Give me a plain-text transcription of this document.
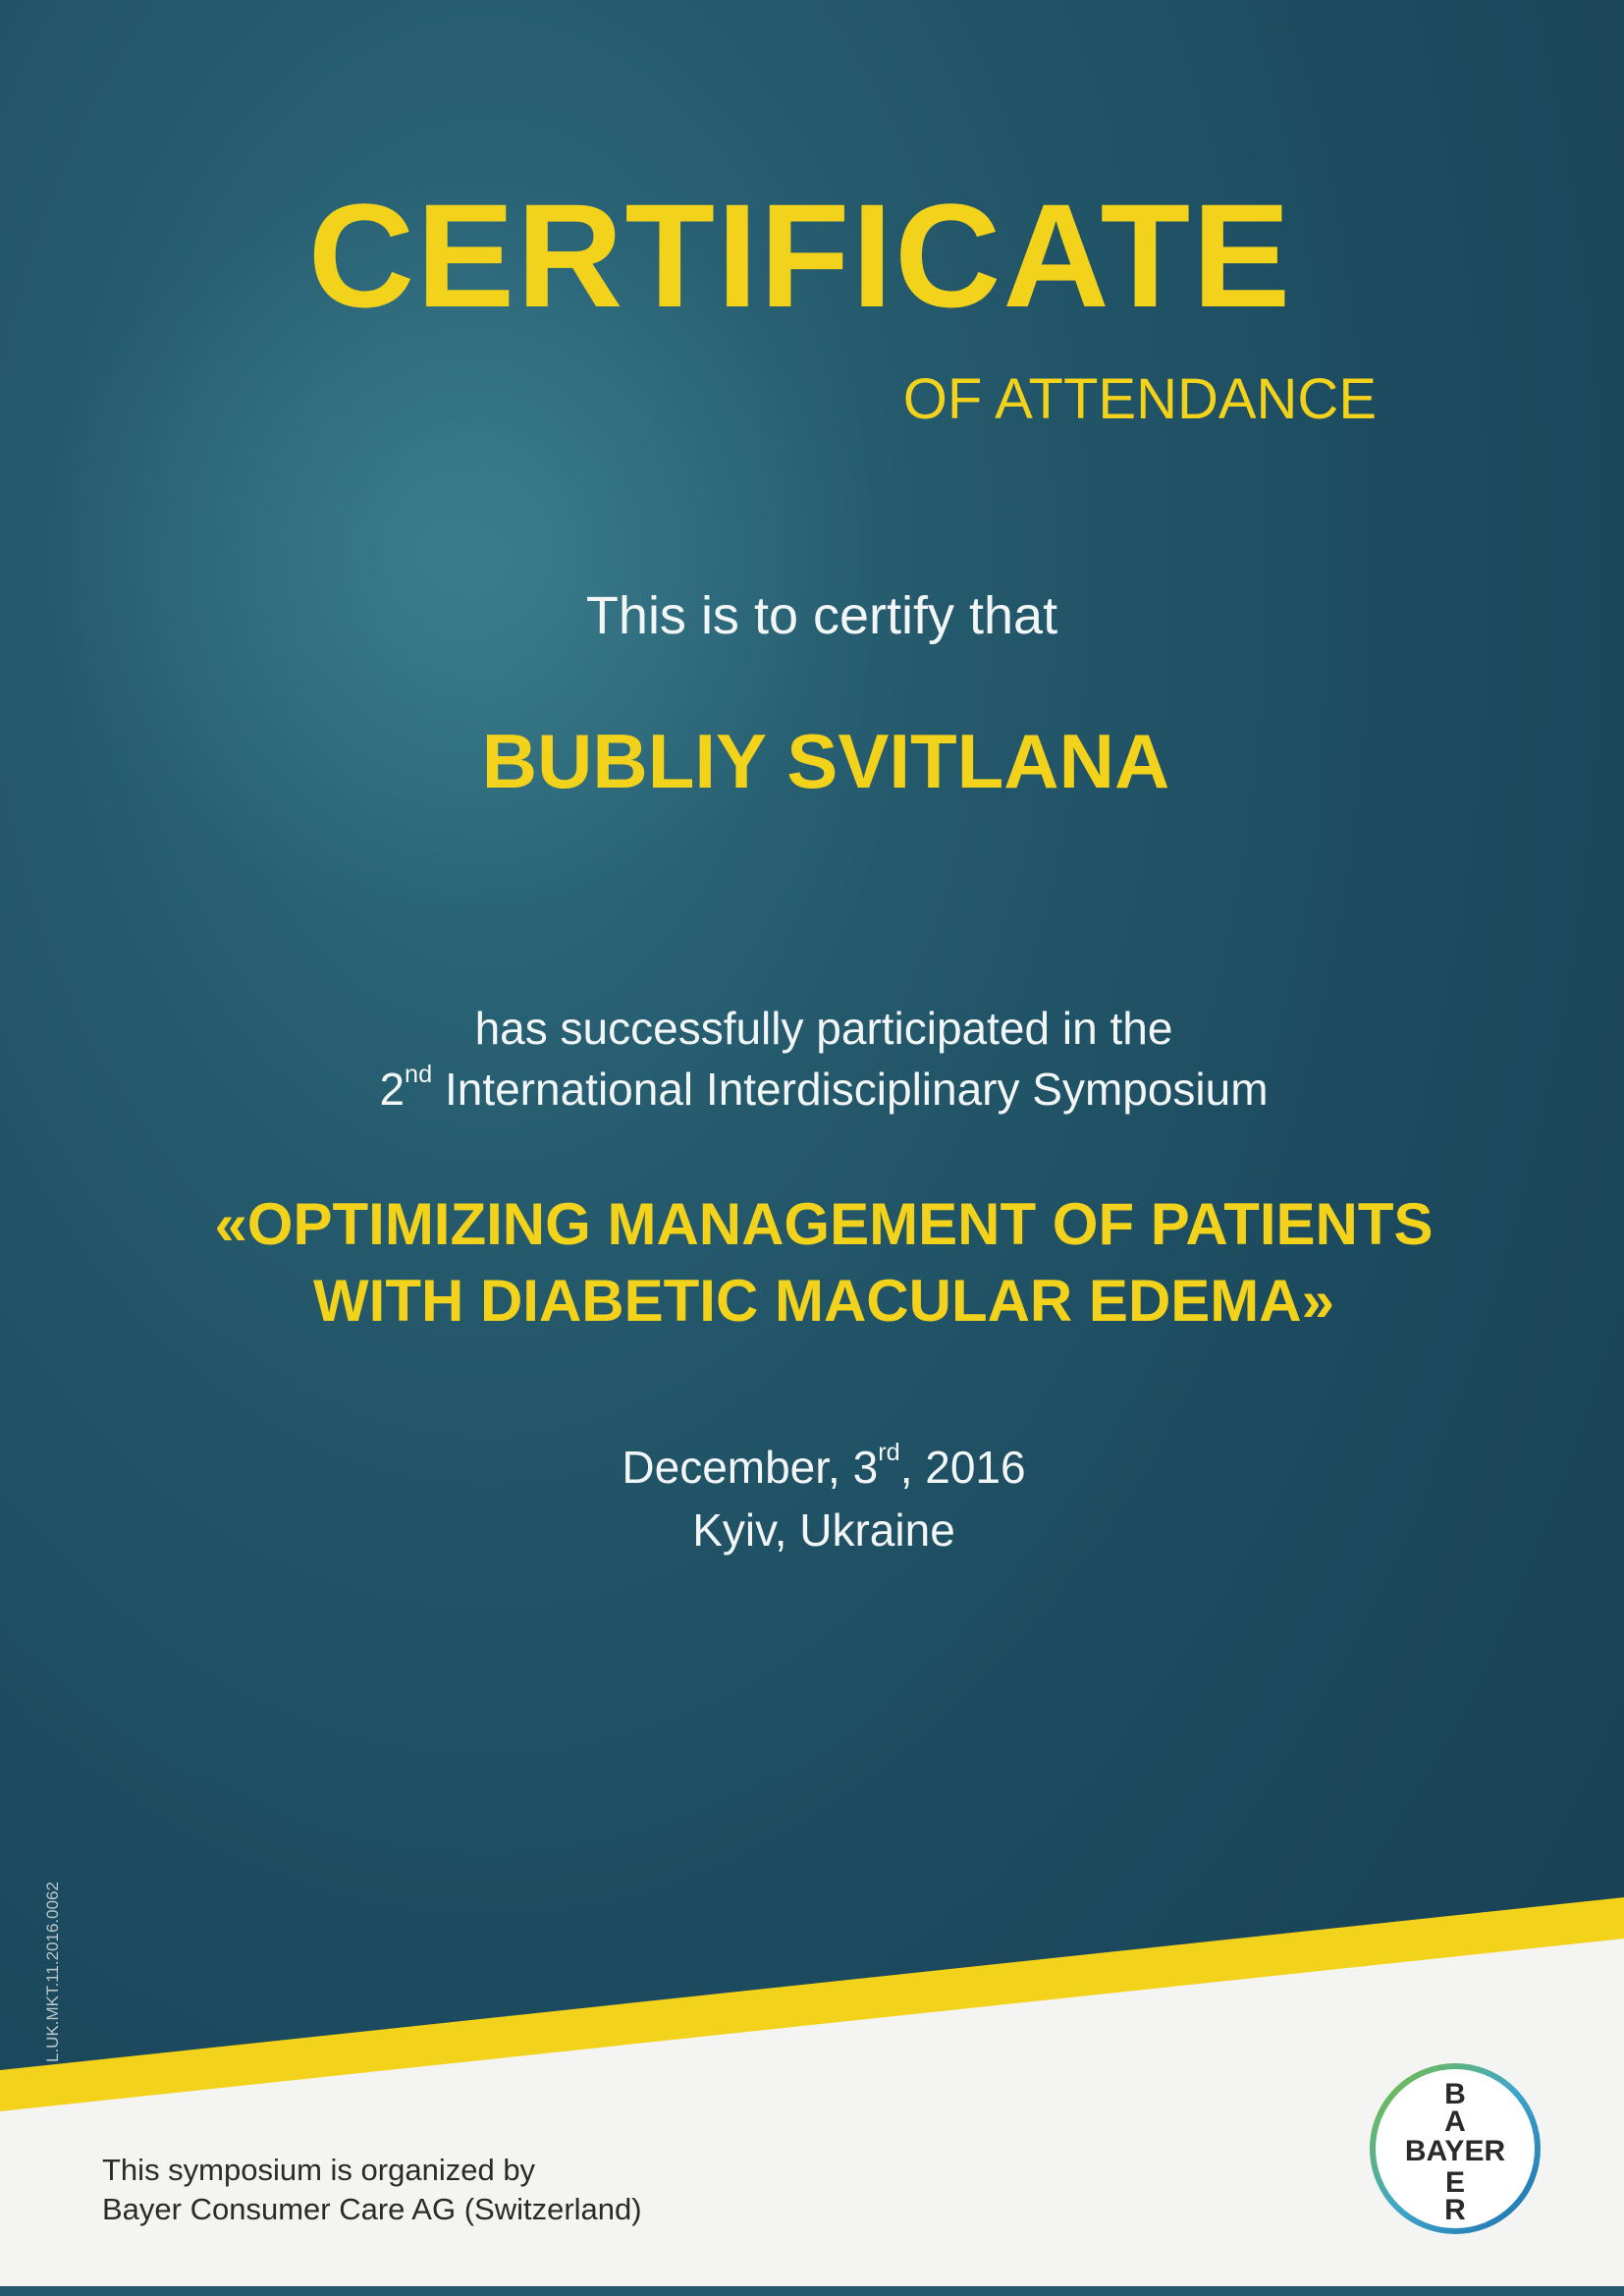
CERTIFICATE
OF ATTENDANCE
This is to certify that
BUBLIY SVITLANA
has successfully participated in the
2nd International Interdisciplinary Symposium
«OPTIMIZING MANAGEMENT OF PATIENTS
WITH DIABETIC MACULAR EDEMA»
December, 3rd, 2016
Kyiv, Ukraine
L.UK.MKT.11.2016.0062
This symposium is organized by
Bayer Consumer Care AG (Switzerland)
BAYER
B
A
E
R
